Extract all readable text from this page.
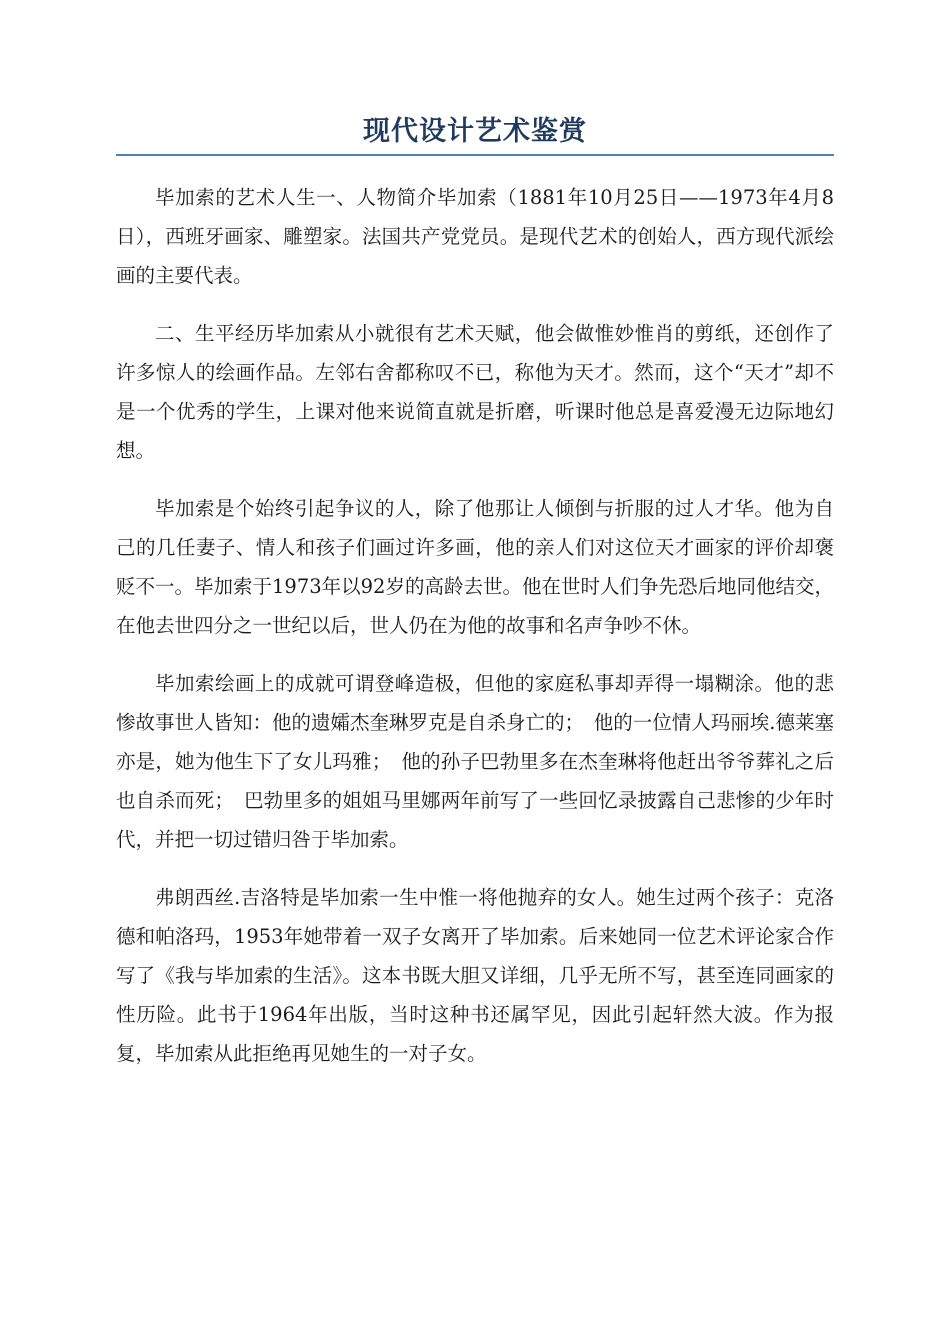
现代设计艺术鉴赏

毕加索的艺术人生一、人物简介毕加索（1881年10月25日——1973年4月8日），西班牙画家、雕塑家。法国共产党党员。是现代艺术的创始人，西方现代派绘画的主要代表。

二、生平经历毕加索从小就很有艺术天赋，他会做惟妙惟肖的剪纸，还创作了许多惊人的绘画作品。左邻右舍都称叹不已，称他为天才。然而，这个“天才”却不是一个优秀的学生，上课对他来说简直就是折磨，听课时他总是喜爱漫无边际地幻想。

毕加索是个始终引起争议的人，除了他那让人倾倒与折服的过人才华。他为自己的几任妻子、情人和孩子们画过许多画，他的亲人们对这位天才画家的评价却褒贬不一。毕加索于1973年以92岁的高龄去世。他在世时人们争先恐后地同他结交，在他去世四分之一世纪以后，世人仍在为他的故事和名声争吵不休。

毕加索绘画上的成就可谓登峰造极，但他的家庭私事却弄得一塌糊涂。他的悲惨故事世人皆知：他的遗孀杰奎琳罗克是自杀身亡的；　他的一位情人玛丽埃.德莱塞亦是，她为他生下了女儿玛雅；　他的孙子巴勃里多在杰奎琳将他赶出爷爷葬礼之后也自杀而死；　巴勃里多的姐姐马里娜两年前写了一些回忆录披露自己悲惨的少年时代，并把一切过错归咎于毕加索。

弗朗西丝.吉洛特是毕加索一生中惟一将他抛弃的女人。她生过两个孩子：克洛德和帕洛玛，1953年她带着一双子女离开了毕加索。后来她同一位艺术评论家合作写了《我与毕加索的生活》。这本书既大胆又详细，几乎无所不写，甚至连同画家的性历险。此书于1964年出版，当时这种书还属罕见，因此引起轩然大波。作为报复，毕加索从此拒绝再见她生的一对子女。
